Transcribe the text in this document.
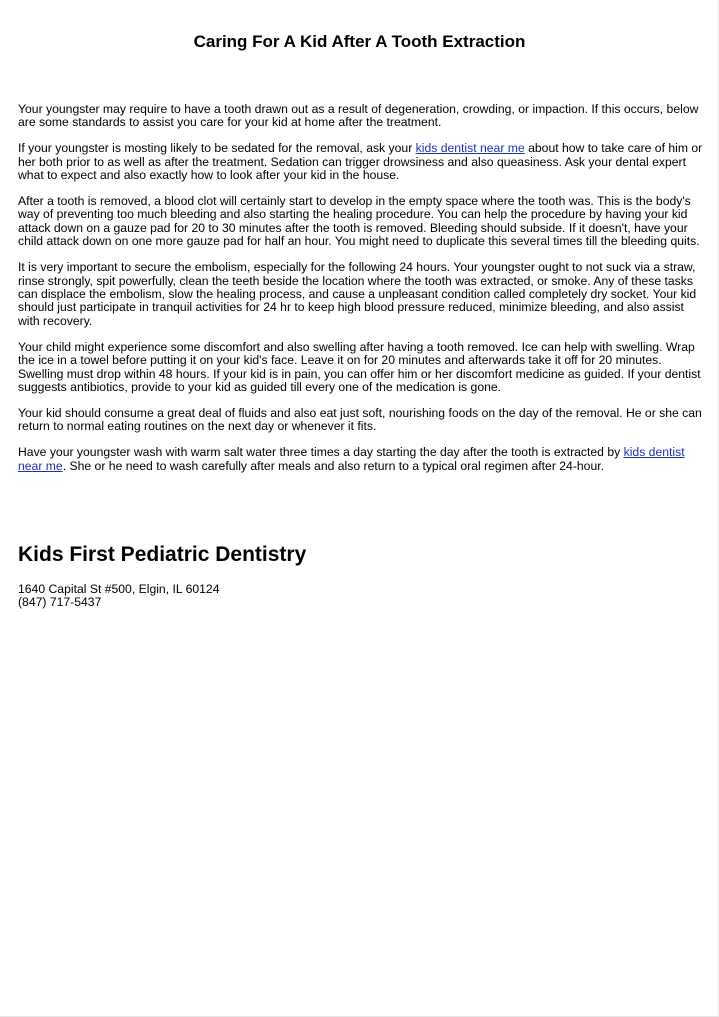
Caring For A Kid After A Tooth Extraction

Your youngster may require to have a tooth drawn out as a result of degeneration, crowding, or impaction. If this occurs, below are some standards to assist you care for your kid at home after the treatment.

If your youngster is mosting likely to be sedated for the removal, ask your kids dentist near me about how to take care of him or her both prior to as well as after the treatment. Sedation can trigger drowsiness and also queasiness. Ask your dental expert what to expect and also exactly how to look after your kid in the house.

After a tooth is removed, a blood clot will certainly start to develop in the empty space where the tooth was. This is the body's way of preventing too much bleeding and also starting the healing procedure. You can help the procedure by having your kid attack down on a gauze pad for 20 to 30 minutes after the tooth is removed. Bleeding should subside. If it doesn't, have your child attack down on one more gauze pad for half an hour. You might need to duplicate this several times till the bleeding quits.

It is very important to secure the embolism, especially for the following 24 hours. Your youngster ought to not suck via a straw, rinse strongly, spit powerfully, clean the teeth beside the location where the tooth was extracted, or smoke. Any of these tasks can displace the embolism, slow the healing process, and cause a unpleasant condition called completely dry socket. Your kid should just participate in tranquil activities for 24 hr to keep high blood pressure reduced, minimize bleeding, and also assist with recovery.

Your child might experience some discomfort and also swelling after having a tooth removed. Ice can help with swelling. Wrap the ice in a towel before putting it on your kid's face. Leave it on for 20 minutes and afterwards take it off for 20 minutes. Swelling must drop within 48 hours. If your kid is in pain, you can offer him or her discomfort medicine as guided. If your dentist suggests antibiotics, provide to your kid as guided till every one of the medication is gone.

Your kid should consume a great deal of fluids and also eat just soft, nourishing foods on the day of the removal. He or she can return to normal eating routines on the next day or whenever it fits.

Have your youngster wash with warm salt water three times a day starting the day after the tooth is extracted by kids dentist near me. She or he need to wash carefully after meals and also return to a typical oral regimen after 24-hour.

Kids First Pediatric Dentistry
1640 Capital St #500, Elgin, IL 60124
(847) 717-5437
